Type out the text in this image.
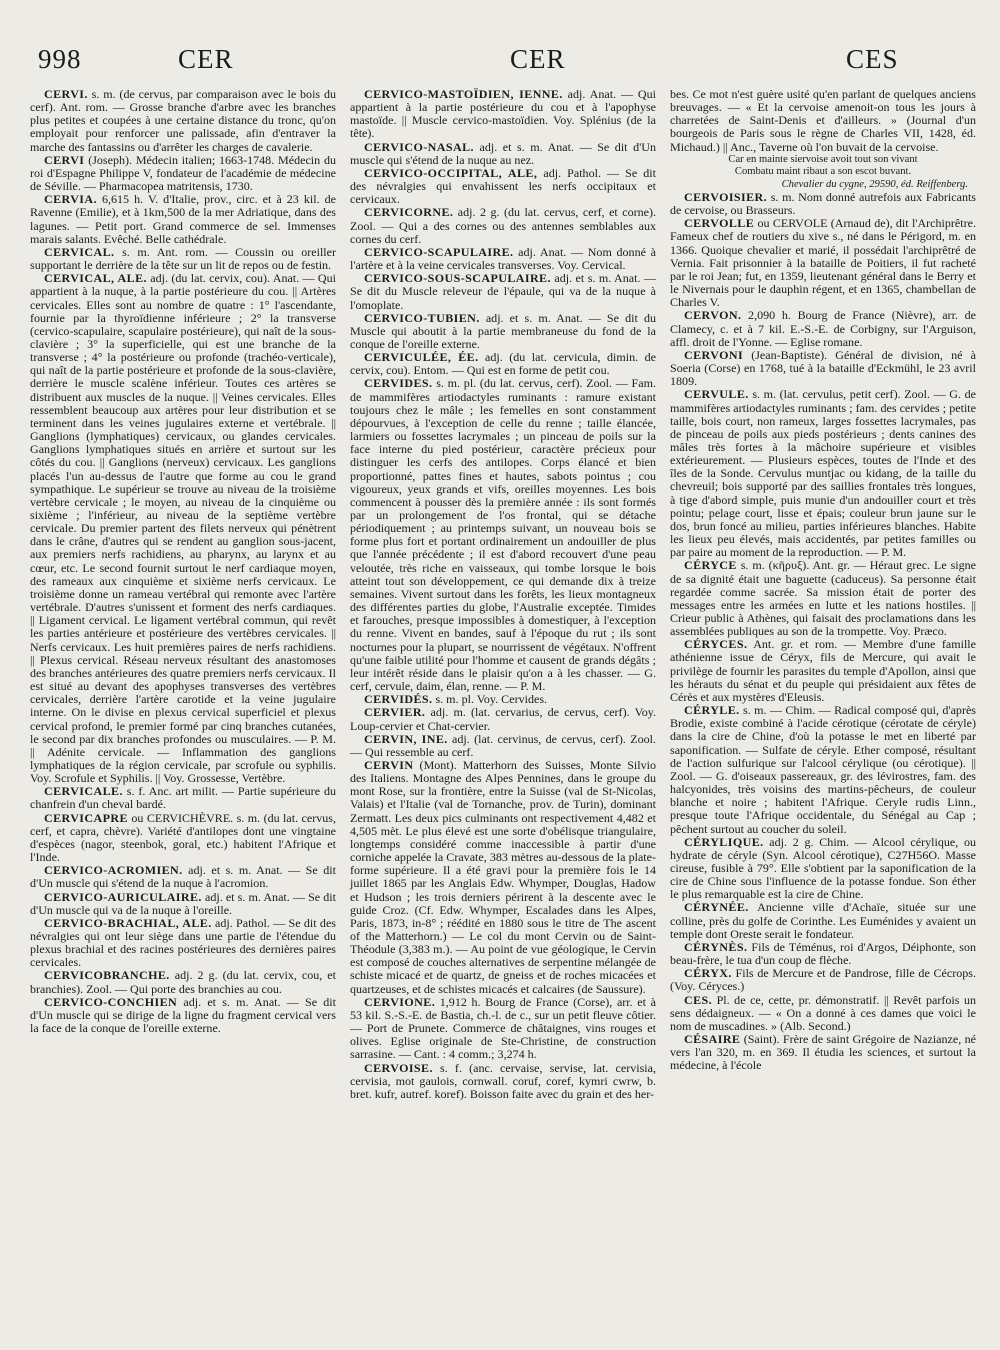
998	CER	CER	CES

CERVI. s. m. (de cervus, par comparaison avec le bois du cerf). Ant. rom. — Grosse branche d'arbre avec les branches plus petites et coupées à une certaine distance du tronc, qu'on employait pour renforcer une palissade, afin d'entraver la marche des fantassins ou d'arrêter les charges de cavalerie.

CERVI (Joseph). Médecin italien; 1663-1748. Médecin du roi d'Espagne Philippe V, fondateur de l'académie de médecine de Séville. — Pharmacopea matritensis, 1730.

CERVIA. 6,615 h. V. d'Italie, prov., circ. et à 23 kil. de Ravenne (Emilie), et à 1km,500 de la mer Adriatique, dans des lagunes. — Petit port. Grand commerce de sel. Immenses marais salants. Evêché. Belle cathédrale.

CERVICAL. s. m. Ant. rom. — Coussin ou oreiller supportant le derrière de la tête sur un lit de repos ou de festin.

CERVICAL, ALE. adj. (du lat. cervix, cou). Anat. — Qui appartient à la nuque, à la partie postérieure du cou. || Artères cervicales. Elles sont au nombre de quatre : 1° l'ascendante, fournie par la thyroïdienne inférieure ; 2° la transverse (cervico-scapulaire, scapulaire postérieure), qui naît de la sous-clavière ; 3° la superficielle, qui est une branche de la transverse ; 4° la postérieure ou profonde (trachéo-verticale), qui naît de la partie postérieure et profonde de la sous-clavière, derrière le muscle scalène inférieur. Toutes ces artères se distribuent aux muscles de la nuque. || Veines cervicales. Elles ressemblent beaucoup aux artères pour leur distribution et se terminent dans les veines jugulaires externe et vertébrale. || Ganglions (lymphatiques) cervicaux, ou glandes cervicales. Ganglions lymphatiques situés en arrière et surtout sur les côtés du cou. || Ganglions (nerveux) cervicaux. Les ganglions placés l'un au-dessus de l'autre que forme au cou le grand sympathique. Le supérieur se trouve au niveau de la troisième vertèbre cervicale ; le moyen, au niveau de la cinquième ou sixième ; l'inférieur, au niveau de la septième vertèbre cervicale. Du premier partent des filets nerveux qui pénètrent dans le crâne, d'autres qui se rendent au ganglion sous-jacent, aux premiers nerfs rachidiens, au pharynx, au larynx et au cœur, etc. Le second fournit surtout le nerf cardiaque moyen, des rameaux aux cinquième et sixième nerfs cervicaux. Le troisième donne un rameau vertébral qui remonte avec l'artère vertébrale. D'autres s'unissent et forment des nerfs cardiaques. || Ligament cervical. Le ligament vertébral commun, qui revêt les parties antérieure et postérieure des vertèbres cervicales. || Nerfs cervicaux. Les huit premières paires de nerfs rachidiens. || Plexus cervical. Réseau nerveux résultant des anastomoses des branches antérieures des quatre premiers nerfs cervicaux. Il est situé au devant des apophyses transverses des vertèbres cervicales, derrière l'artère carotide et la veine jugulaire interne. On le divise en plexus cervical superficiel et plexus cervical profond, le premier formé par cinq branches cutanées, le second par dix branches profondes ou musculaires. — P. M. || Adénite cervicale. — Inflammation des ganglions lymphatiques de la région cervicale, par scrofule ou syphilis. Voy. Scrofule et Syphilis. || Voy. Grossesse, Vertèbre.

CERVICALE. s. f. Anc. art milit. — Partie supérieure du chanfrein d'un cheval bardé.

CERVICAPRE ou CERVICHÈVRE. s. m. (du lat. cervus, cerf, et capra, chèvre). Variété d'antilopes dont une vingtaine d'espèces (nagor, steenbok, goral, etc.) habitent l'Afrique et l'Inde.

CERVICO-ACROMIEN. adj. et s. m. Anat. — Se dit d'Un muscle qui s'étend de la nuque à l'acromion.

CERVICO-AURICULAIRE. adj. et s. m. Anat. — Se dit d'Un muscle qui va de la nuque à l'oreille.

CERVICO-BRACHIAL, ALE. adj. Pathol. — Se dit des névralgies qui ont leur siège dans une partie de l'étendue du plexus brachial et des racines postérieures des dernières paires cervicales.

CERVICOBRANCHE. adj. 2 g. (du lat. cervix, cou, et branchies). Zool. — Qui porte des branchies au cou.

CERVICO-CONCHIEN adj. et s. m. Anat. — Se dit d'Un muscle qui se dirige de la ligne du fragment cervical vers la face de la conque de l'oreille externe.

CERVICO-MASTOÏDIEN, IENNE. adj. Anat. — Qui appartient à la partie postérieure du cou et à l'apophyse mastoïde. || Muscle cervico-mastoïdien. Voy. Splénius (de la tête).

CERVICO-NASAL. adj. et s. m. Anat. — Se dit d'Un muscle qui s'étend de la nuque au nez.

CERVICO-OCCIPITAL, ALE, adj. Pathol. — Se dit des névralgies qui envahissent les nerfs occipitaux et cervicaux.

CERVICORNE. adj. 2 g. (du lat. cervus, cerf, et corne). Zool. — Qui a des cornes ou des antennes semblables aux cornes du cerf.

CERVICO-SCAPULAIRE. adj. Anat. — Nom donné à l'artère et à la veine cervicales transverses. Voy. Cervical.

CERVICO-SOUS-SCAPULAIRE. adj. et s. m. Anat. — Se dit du Muscle releveur de l'épaule, qui va de la nuque à l'omoplate.

CERVICO-TUBIEN. adj. et s. m. Anat. — Se dit du Muscle qui aboutit à la partie membraneuse du fond de la conque de l'oreille externe.

CERVICULÉE, ÉE. adj. (du lat. cervicula, dimin. de cervix, cou). Entom. — Qui est en forme de petit cou.

CERVIDES. s. m. pl. (du lat. cervus, cerf). Zool. — Fam. de mammifères artiodactyles ruminants : ramure existant toujours chez le mâle ; les femelles en sont constamment dépourvues, à l'exception de celle du renne ; taille élancée, larmiers ou fossettes lacrymales ; un pinceau de poils sur la face interne du pied postérieur, caractère précieux pour distinguer les cerfs des antilopes. Corps élancé et bien proportionné, pattes fines et hautes, sabots pointus ; cou vigoureux, yeux grands et vifs, oreilles moyennes. Les bois commencent à pousser dès la première année : ils sont formés par un prolongement de l'os frontal, qui se détache périodiquement ; au printemps suivant, un nouveau bois se forme plus fort et portant ordinairement un andouiller de plus que l'année précédente ; il est d'abord recouvert d'une peau veloutée, très riche en vaisseaux, qui tombe lorsque le bois atteint tout son développement, ce qui demande dix à treize semaines. Vivent surtout dans les forêts, les lieux montagneux des différentes parties du globe, l'Australie exceptée. Timides et farouches, presque impossibles à domestiquer, à l'exception du renne. Vivent en bandes, sauf à l'époque du rut ; ils sont nocturnes pour la plupart, se nourrissent de végétaux. N'offrent qu'une faible utilité pour l'homme et causent de grands dégâts ; leur intérêt réside dans le plaisir qu'on a à les chasser. — G. cerf, cervule, daim, élan, renne. — P. M.

CERVIDÉS. s. m. pl. Voy. Cervides.

CERVIER. adj. m. (lat. cervarius, de cervus, cerf). Voy. Loup-cervier et Chat-cervier.

CERVIN, INE. adj. (lat. cervinus, de cervus, cerf). Zool. — Qui ressemble au cerf.

CERVIN (Mont). Matterhorn des Suisses, Monte Silvio des Italiens. Montagne des Alpes Pennines, dans le groupe du mont Rose, sur la frontière, entre la Suisse (val de St-Nicolas, Valais) et l'Italie (val de Tornanche, prov. de Turin), dominant Zermatt. Les deux pics culminants ont respectivement 4,482 et 4,505 mèt. Le plus élevé est une sorte d'obélisque triangulaire, longtemps considéré comme inaccessible à partir d'une corniche appelée la Cravate, 383 mètres au-dessous de la plate-forme supérieure. Il a été gravi pour la première fois le 14 juillet 1865 par les Anglais Edw. Whymper, Douglas, Hadow et Hudson ; les trois derniers périrent à la descente avec le guide Croz. (Cf. Edw. Whymper, Escalades dans les Alpes, Paris, 1873, in-8° ; réédité en 1880 sous le titre de The ascent of the Matterhorn.) — Le col du mont Cervin ou de Saint-Théodule (3,383 m.). — Au point de vue géologique, le Cervin est composé de couches alternatives de serpentine mélangée de schiste micacé et de quartz, de gneiss et de roches micacées et quartzeuses, et de schistes micacés et calcaires (de Saussure).

CERVIONE. 1,912 h. Bourg de France (Corse), arr. et à 53 kil. S.-S.-E. de Bastia, ch.-l. de c., sur un petit fleuve côtier. — Port de Prunete. Commerce de châtaignes, vins rouges et olives. Eglise originale de Ste-Christine, de construction sarrasine. — Cant. : 4 comm.; 3,274 h.

CERVOISE. s. f. (anc. cervaise, servise, lat. cervisia, cervisia, mot gaulois, cornwall. coruf, coref, kymri cwrw, b. bret. kufr, autref. koref). Boisson faite avec du grain et des her-

bes. Ce mot n'est guère usité qu'en parlant de quelques anciens breuvages. — « Et la cervoise amenoit-on tous les jours à charretées de Saint-Denis et d'ailleurs. » (Journal d'un bourgeois de Paris sous le règne de Charles VII, 1428, éd. Michaud.) || Anc., Taverne où l'on buvait de la cervoise.

Car en mainte siervoise avoit tout son vivant
Combatu maint ribaut a son escot buvant.
Chevalier du cygne, 29590, éd. Reiffenberg.

CERVOISIER. s. m. Nom donné autrefois aux Fabricants de cervoise, ou Brasseurs.

CERVOLLE ou CERVOLE (Arnaud de), dit l'Archiprêtre. Fameux chef de routiers du xive s., né dans le Périgord, m. en 1366. Quoique chevalier et marié, il possédait l'archiprêtré de Vernia. Fait prisonnier à la bataille de Poitiers, il fut racheté par le roi Jean; fut, en 1359, lieutenant général dans le Berry et le Nivernais pour le dauphin régent, et en 1365, chambellan de Charles V.

CERVON. 2,090 h. Bourg de France (Nièvre), arr. de Clamecy, c. et à 7 kil. E.-S.-E. de Corbigny, sur l'Arguison, affl. droit de l'Yonne. — Eglise romane.

CERVONI (Jean-Baptiste). Général de division, né à Soeria (Corse) en 1768, tué à la bataille d'Eckmühl, le 23 avril 1809.

CERVULE. s. m. (lat. cervulus, petit cerf). Zool. — G. de mammifères artiodactyles ruminants ; fam. des cervides ; petite taille, bois court, non rameux, larges fossettes lacrymales, pas de pinceau de poils aux pieds postérieurs ; dents canines des mâles très fortes à la mâchoire supérieure et visibles extérieurement. — Plusieurs espèces, toutes de l'Inde et des îles de la Sonde. Cervulus muntjac ou kidang, de la taille du chevreuil; bois supporté par des saillies frontales très longues, à tige d'abord simple, puis munie d'un andouiller court et très pointu; pelage court, lisse et épais; couleur brun jaune sur le dos, brun foncé au milieu, parties inférieures blanches. Habite les lieux peu élevés, mais accidentés, par petites familles ou par paire au moment de la reproduction. — P. M.

CÉRYCE s. m. (κῆρυξ). Ant. gr. — Héraut grec. Le signe de sa dignité était une baguette (caduceus). Sa personne était regardée comme sacrée. Sa mission était de porter des messages entre les armées en lutte et les nations hostiles. || Crieur public à Athènes, qui faisait des proclamations dans les assemblées publiques au son de la trompette. Voy. Præco.

CÉRYCES. Ant. gr. et rom. — Membre d'une famille athénienne issue de Céryx, fils de Mercure, qui avait le privilège de fournir les parasites du temple d'Apollon, ainsi que les hérauts du sénat et du peuple qui présidaient aux fêtes de Cérès et aux mystères d'Eleusis.

CÉRYLE. s. m. — Chim. — Radical composé qui, d'après Brodie, existe combiné à l'acide cérotique (cérotate de céryle) dans la cire de Chine, d'où la potasse le met en liberté par saponification. — Sulfate de céryle. Ether composé, résultant de l'action sulfurique sur l'alcool cérylique (ou cérotique). || Zool. — G. d'oiseaux passereaux, gr. des lévirostres, fam. des halcyonides, très voisins des martins-pêcheurs, de couleur blanche et noire ; habitent l'Afrique. Ceryle rudis Linn., presque toute l'Afrique occidentale, du Sénégal au Cap ; pêchent surtout au coucher du soleil.

CÉRYLIQUE. adj. 2 g. Chim. — Alcool cérylique, ou hydrate de céryle (Syn. Alcool cérotique), C27H56O. Masse cireuse, fusible à 79°. Elle s'obtient par la saponification de la cire de Chine sous l'influence de la potasse fondue. Son éther le plus remarquable est la cire de Chine.

CÉRYNÉE. Ancienne ville d'Achaïe, située sur une colline, près du golfe de Corinthe. Les Euménides y avaient un temple dont Oreste serait le fondateur.

CÉRYNÈS. Fils de Téménus, roi d'Argos, Déiphonte, son beau-frère, le tua d'un coup de flèche.

CÉRYX. Fils de Mercure et de Pandrose, fille de Cécrops. (Voy. Céryces.)

CES. Pl. de ce, cette, pr. démonstratif. || Revêt parfois un sens dédaigneux. — « On a donné à ces dames que voici le nom de muscadines. » (Alb. Second.)

CÉSAIRE (Saint). Frère de saint Grégoire de Nazianze, né vers l'an 320, m. en 369. Il étudia les sciences, et surtout la médecine, à l'école
